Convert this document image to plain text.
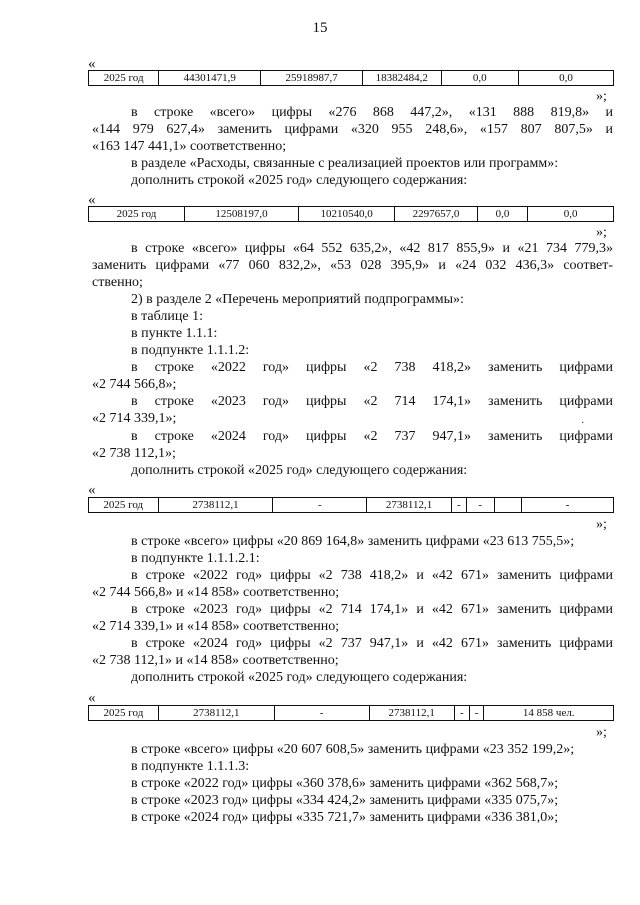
15
«
2025 год	44301471,9	25918987,7	18382484,2	0,0	0,0
»;
в строке «всего» цифры «276 868 447,2», «131 888 819,8» и
«144 979 627,4» заменить цифрами «320 955 248,6», «157 807 807,5» и
«163 147 441,1» соответственно;
в разделе «Расходы, связанные с реализацией проектов или программ»:
дополнить строкой «2025 год» следующего содержания:
«
2025 год	12508197,0	10210540,0	2297657,0	0,0	0,0
»;
в строке «всего» цифры «64 552 635,2», «42 817 855,9» и «21 734 779,3»
заменить цифрами «77 060 832,2», «53 028 395,9» и «24 032 436,3» соответ-
ственно;
2) в разделе 2 «Перечень мероприятий подпрограммы»:
в таблице 1:
в пункте 1.1.1:
в подпункте 1.1.1.2:
в строке «2022 год» цифры «2 738 418,2» заменить цифрами
«2 744 566,8»;
в строке «2023 год» цифры «2 714 174,1» заменить цифрами
«2 714 339,1»;	·
в строке «2024 год» цифры «2 737 947,1» заменить цифрами
«2 738 112,1»;
дополнить строкой «2025 год» следующего содержания:
«
2025 год	2738112,1	-	2738112,1	-	-		-
»;
в строке «всего» цифры «20 869 164,8» заменить цифрами «23 613 755,5»;
в подпункте 1.1.1.2.1:
в строке «2022 год» цифры «2 738 418,2» и «42 671» заменить цифрами
«2 744 566,8» и «14 858» соответственно;
в строке «2023 год» цифры «2 714 174,1» и «42 671» заменить цифрами
«2 714 339,1» и «14 858» соответственно;
в строке «2024 год» цифры «2 737 947,1» и «42 671» заменить цифрами
«2 738 112,1» и «14 858» соответственно;
дополнить строкой «2025 год» следующего содержания:
«
2025 год	2738112,1	-	2738112,1	-	-	14 858 чел.
»;
в строке «всего» цифры «20 607 608,5» заменить цифрами «23 352 199,2»;
в подпункте 1.1.1.3:
в строке «2022 год» цифры «360 378,6» заменить цифрами «362 568,7»;
в строке «2023 год» цифры «334 424,2» заменить цифрами «335 075,7»;
в строке «2024 год» цифры «335 721,7» заменить цифрами «336 381,0»;
